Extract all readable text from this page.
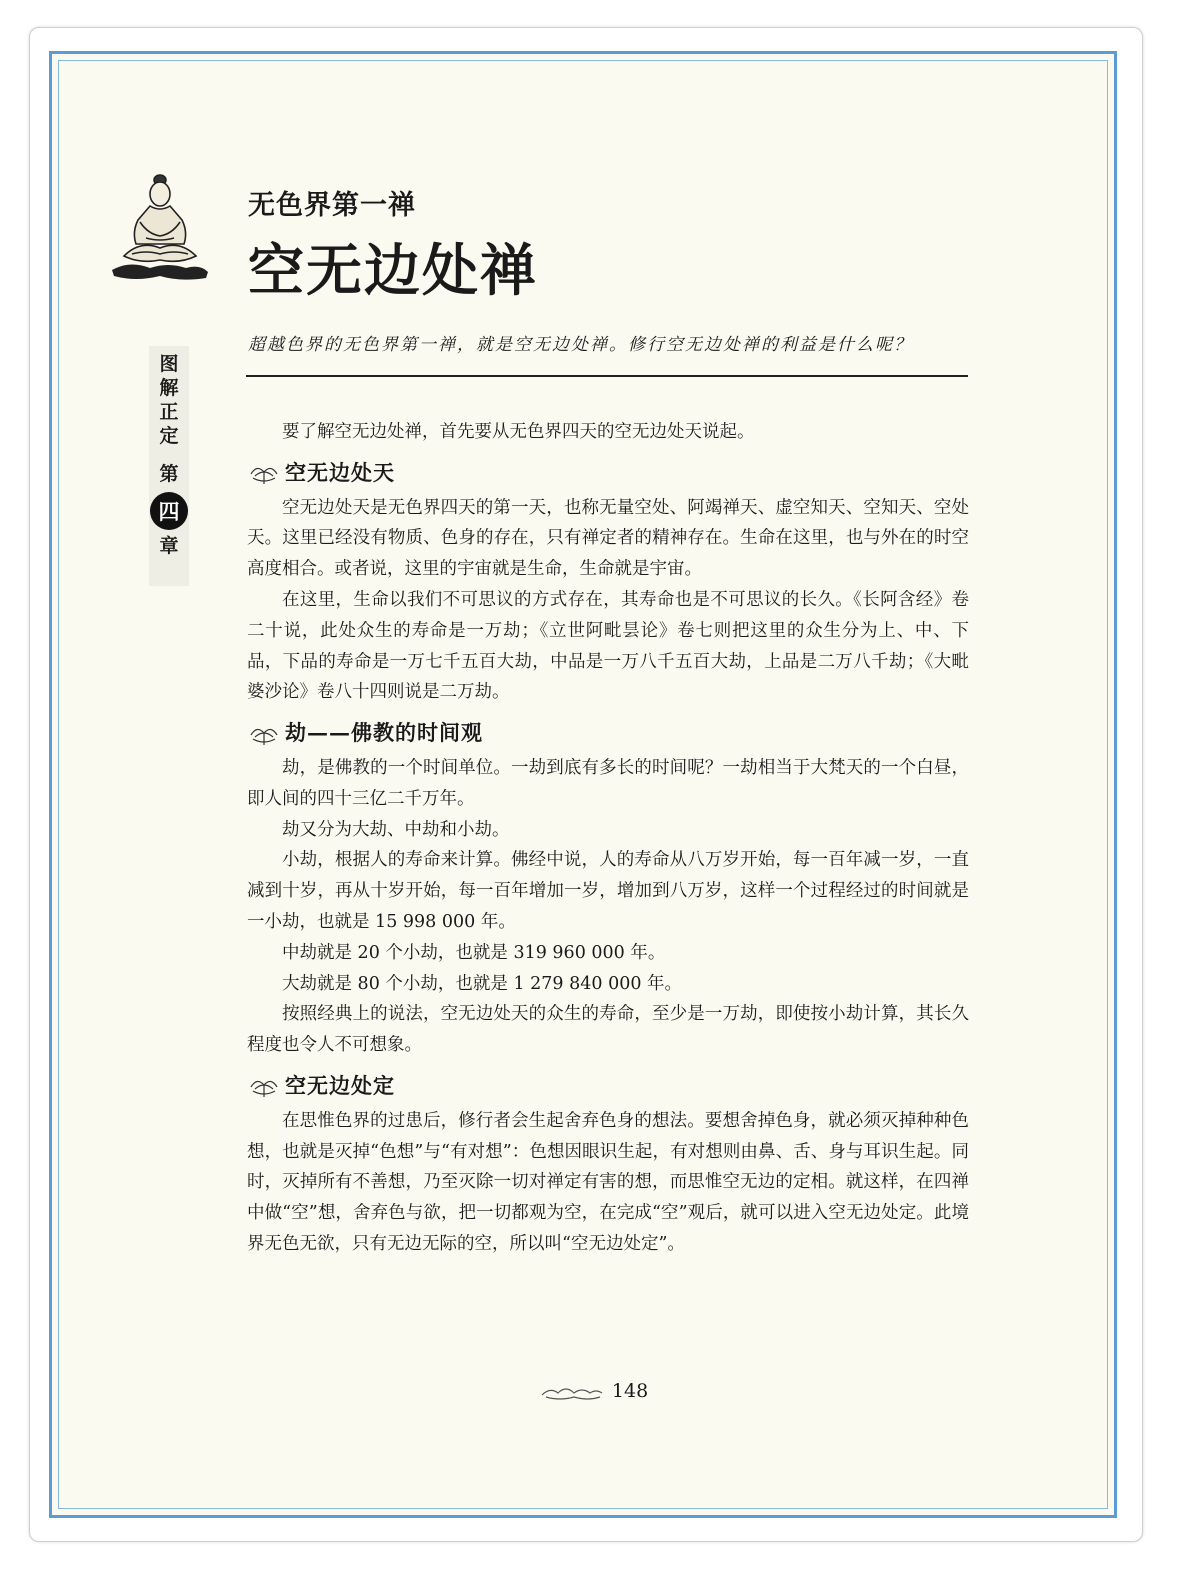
图
解
正
定
第
四
章
无色界第一禅
空无边处禅
超越色界的无色界第一禅，就是空无边处禅。修行空无边处禅的利益是什么呢？

要了解空无边处禅，首先要从无色界四天的空无边处天说起。

空无边处天

空无边处天是无色界四天的第一天，也称无量空处、阿竭禅天、虚空知天、空知天、空处天。这里已经没有物质、色身的存在，只有禅定者的精神存在。生命在这里，也与外在的时空高度相合。或者说，这里的宇宙就是生命，生命就是宇宙。

在这里，生命以我们不可思议的方式存在，其寿命也是不可思议的长久。《长阿含经》卷二十说，此处众生的寿命是一万劫；《立世阿毗昙论》卷七则把这里的众生分为上、中、下品，下品的寿命是一万七千五百大劫，中品是一万八千五百大劫，上品是二万八千劫；《大毗婆沙论》卷八十四则说是二万劫。

劫——佛教的时间观

劫，是佛教的一个时间单位。一劫到底有多长的时间呢？一劫相当于大梵天的一个白昼，即人间的四十三亿二千万年。

劫又分为大劫、中劫和小劫。

小劫，根据人的寿命来计算。佛经中说，人的寿命从八万岁开始，每一百年减一岁，一直减到十岁，再从十岁开始，每一百年增加一岁，增加到八万岁，这样一个过程经过的时间就是一小劫，也就是 15 998 000 年。

中劫就是 20 个小劫，也就是 319 960 000 年。

大劫就是 80 个小劫，也就是 1 279 840 000 年。

按照经典上的说法，空无边处天的众生的寿命，至少是一万劫，即使按小劫计算，其长久程度也令人不可想象。

空无边处定

在思惟色界的过患后，修行者会生起舍弃色身的想法。要想舍掉色身，就必须灭掉种种色想，也就是灭掉“色想”与“有对想”：色想因眼识生起，有对想则由鼻、舌、身与耳识生起。同时，灭掉所有不善想，乃至灭除一切对禅定有害的想，而思惟空无边的定相。就这样，在四禅中做“空”想，舍弃色与欲，把一切都观为空，在完成“空”观后，就可以进入空无边处定。此境界无色无欲，只有无边无际的空，所以叫“空无边处定”。

148
